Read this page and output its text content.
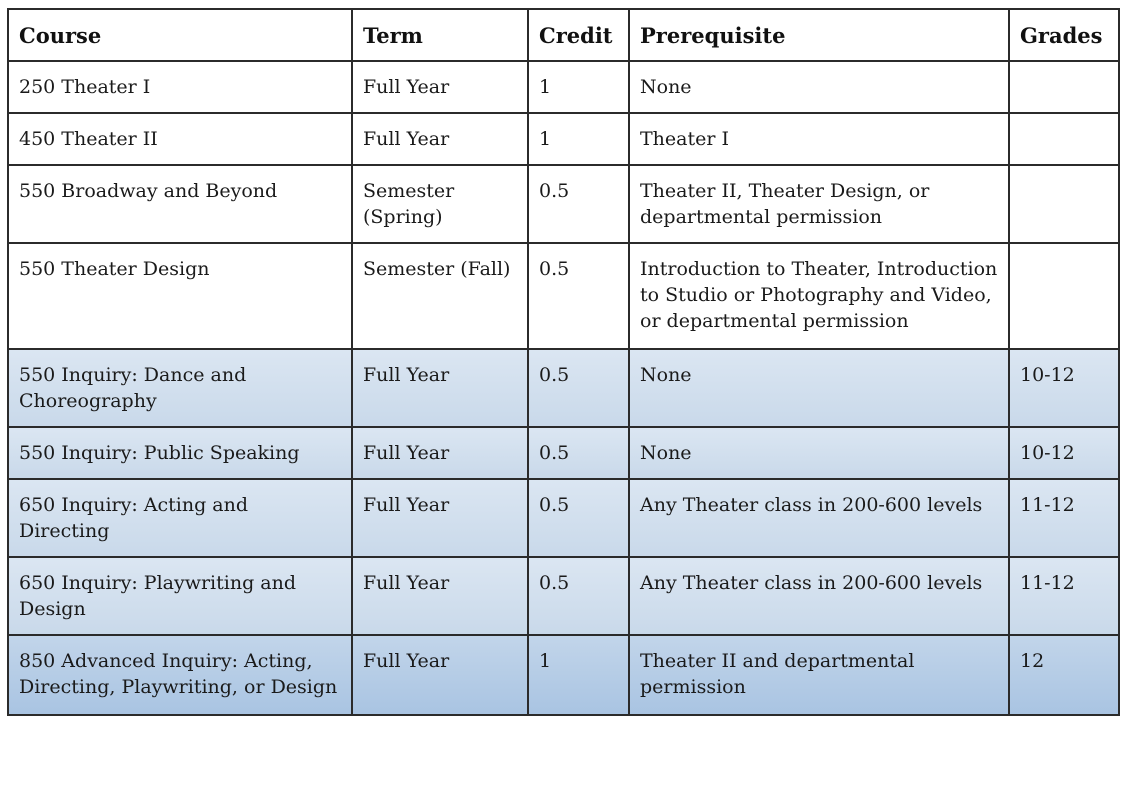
Course	Term	Credit	Prerequisite	Grades
250 Theater I	Full Year	1	None	
450 Theater II	Full Year	1	Theater I	
550 Broadway and Beyond	Semester (Spring)	0.5	Theater II, Theater Design, or departmental permission	
550 Theater Design	Semester (Fall)	0.5	Introduction to Theater, Introduction to Studio or Photography and Video, or departmental permission	
550 Inquiry: Dance and Choreography	Full Year	0.5	None	10-12
550 Inquiry: Public Speaking	Full Year	0.5	None	10-12
650 Inquiry: Acting and Directing	Full Year	0.5	Any Theater class in 200-600 levels	11-12
650 Inquiry: Playwriting and Design	Full Year	0.5	Any Theater class in 200-600 levels	11-12
850 Advanced Inquiry: Acting, Directing, Playwriting, or Design	Full Year	1	Theater II and departmental permission	12
